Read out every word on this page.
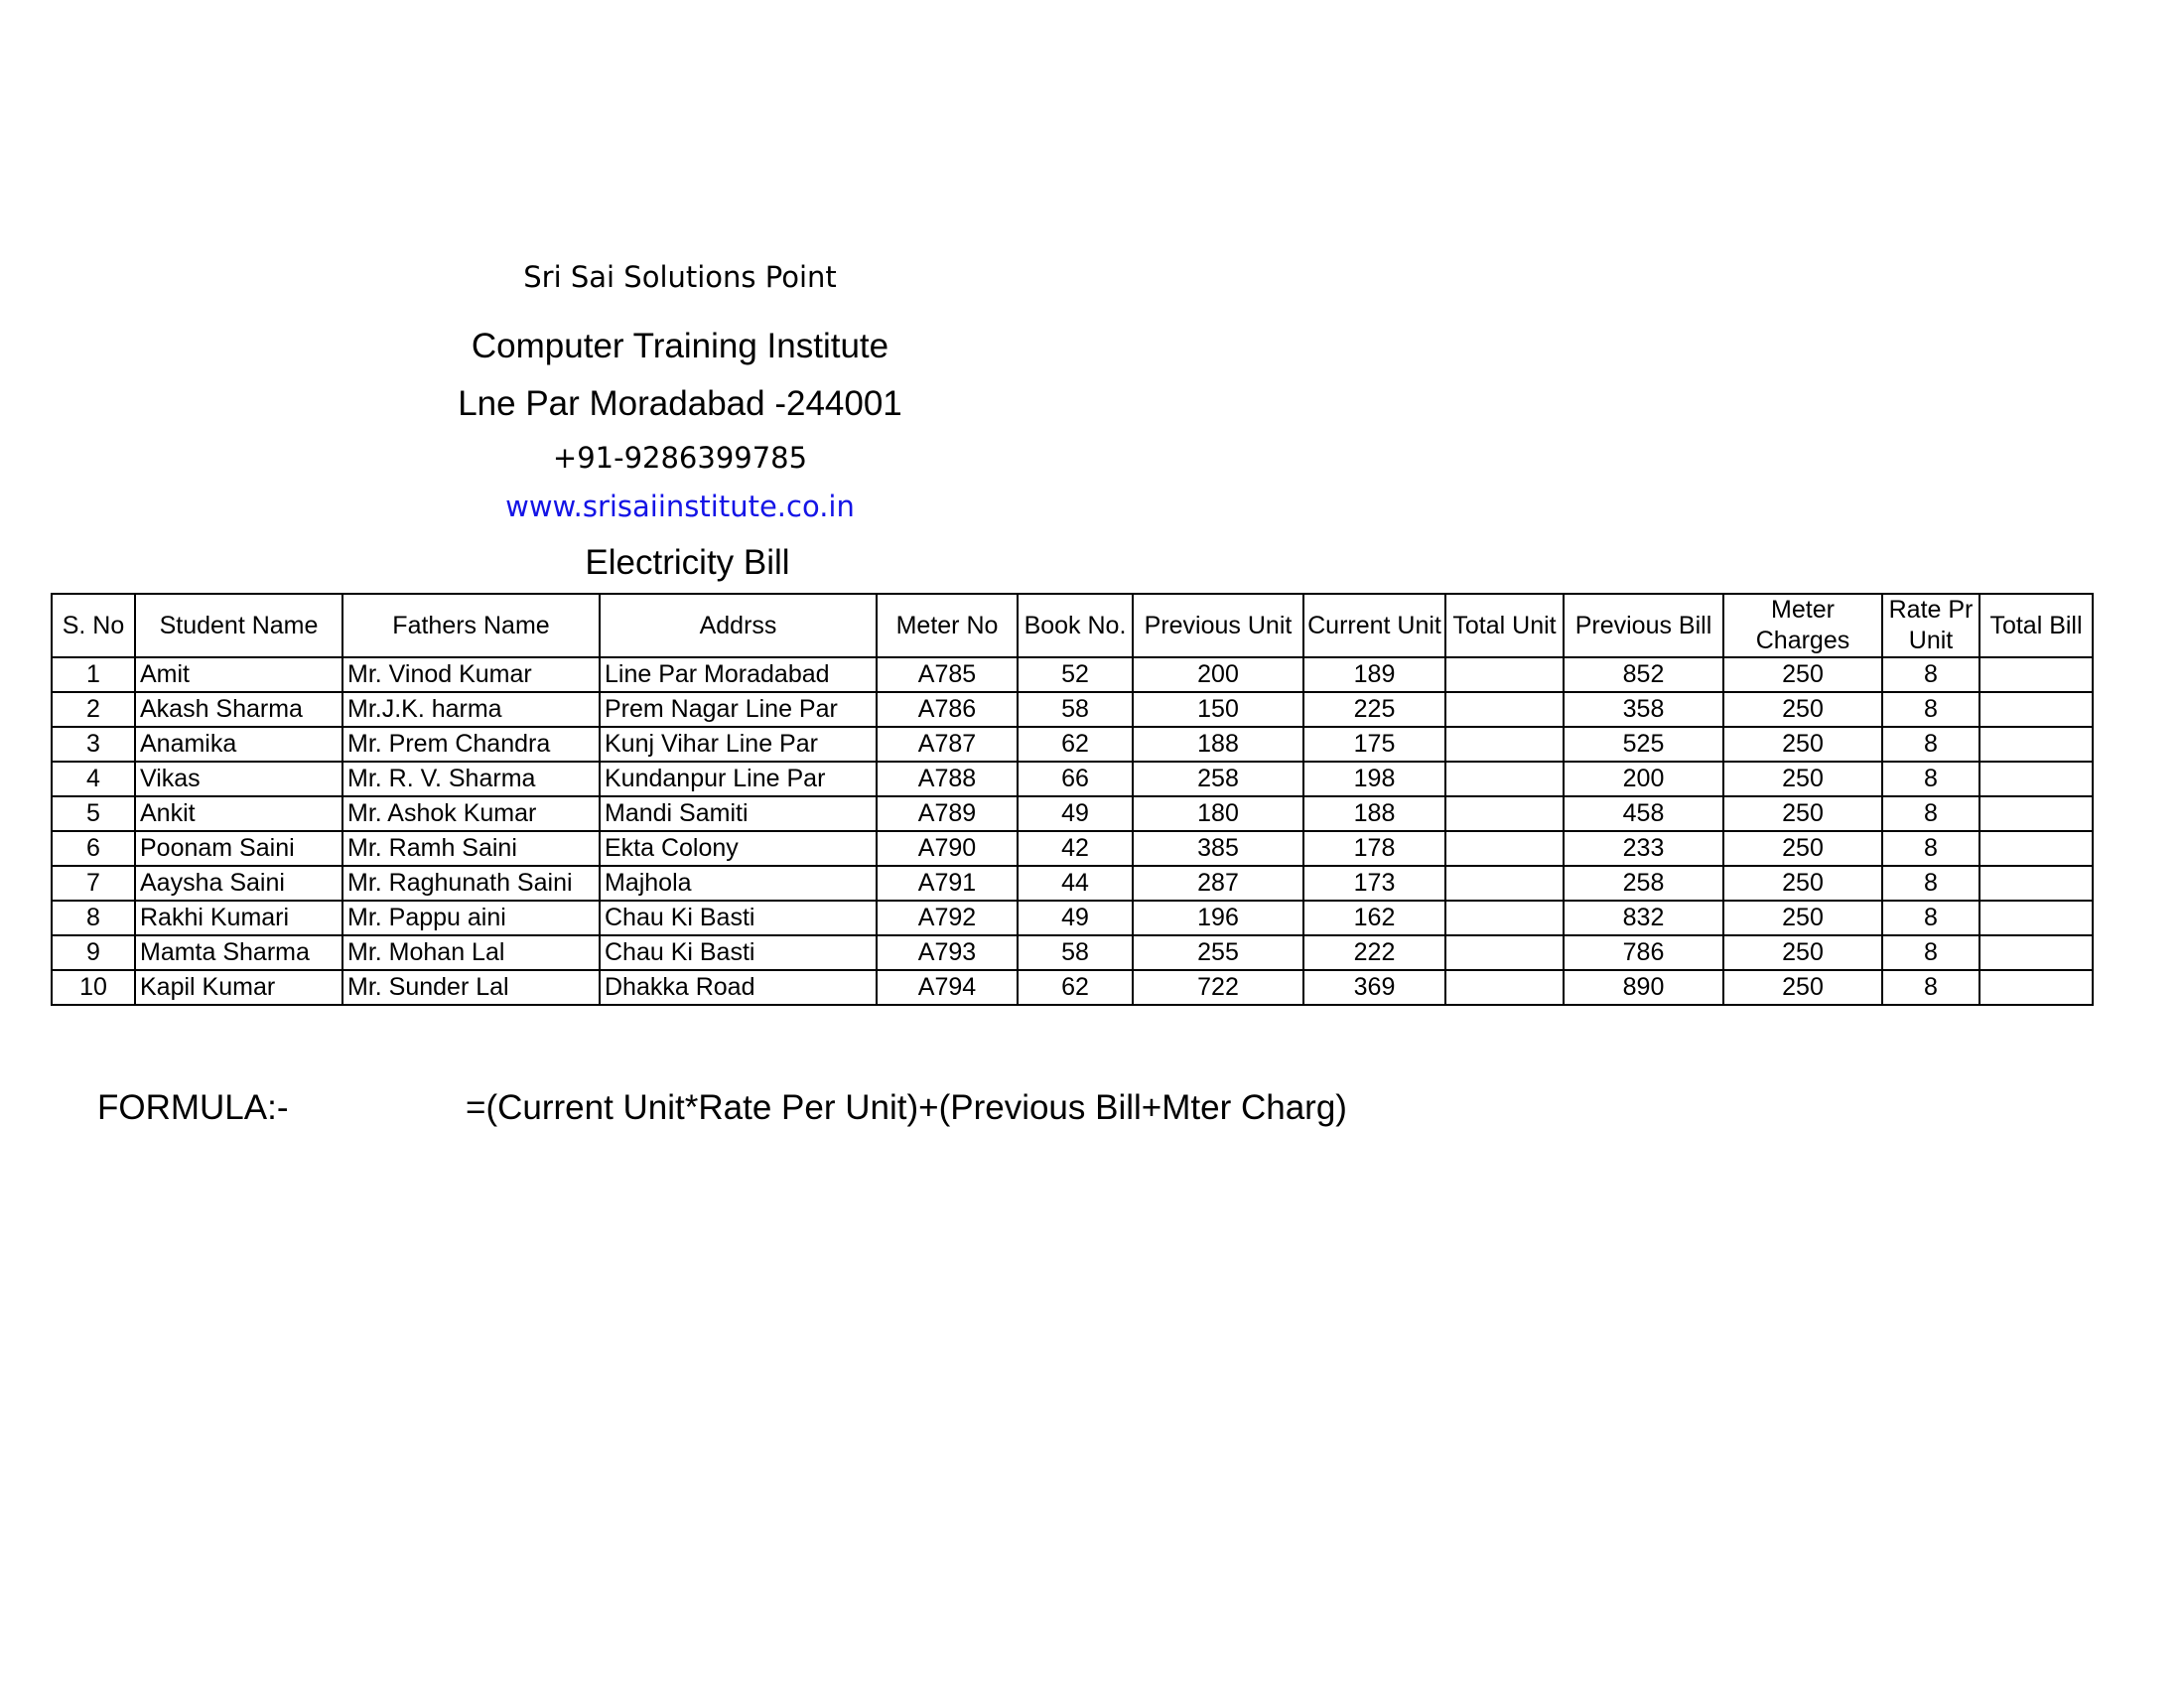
Sri Sai Solutions Point
Computer Training Institute
Lne Par Moradabad -244001
+91-9286399785
www.srisaiinstitute.co.in
Electricity Bill
S. No	Student Name	Fathers Name	Addrss	Meter No	Book No.	Previous Unit	Current Unit	Total Unit	Previous Bill	Meter Charges	Rate Pr Unit	Total Bill
1	Amit	Mr. Vinod Kumar	Line Par Moradabad	A785	52	200	189		852	250	8	
2	Akash Sharma	Mr.J.K. harma	Prem Nagar Line Par	A786	58	150	225		358	250	8	
3	Anamika	Mr. Prem Chandra	Kunj Vihar Line Par	A787	62	188	175		525	250	8	
4	Vikas	Mr. R. V. Sharma	Kundanpur Line Par	A788	66	258	198		200	250	8	
5	Ankit	Mr. Ashok Kumar	Mandi Samiti	A789	49	180	188		458	250	8	
6	Poonam Saini	Mr. Ramh Saini	Ekta Colony	A790	42	385	178		233	250	8	
7	Aaysha Saini	Mr. Raghunath Saini	Majhola	A791	44	287	173		258	250	8	
8	Rakhi Kumari	Mr. Pappu aini	Chau Ki Basti	A792	49	196	162		832	250	8	
9	Mamta Sharma	Mr. Mohan Lal	Chau Ki Basti	A793	58	255	222		786	250	8	
10	Kapil Kumar	Mr. Sunder Lal	Dhakka Road	A794	62	722	369		890	250	8	
FORMULA:-	=(Current Unit*Rate Per Unit)+(Previous Bill+Mter Charg)
